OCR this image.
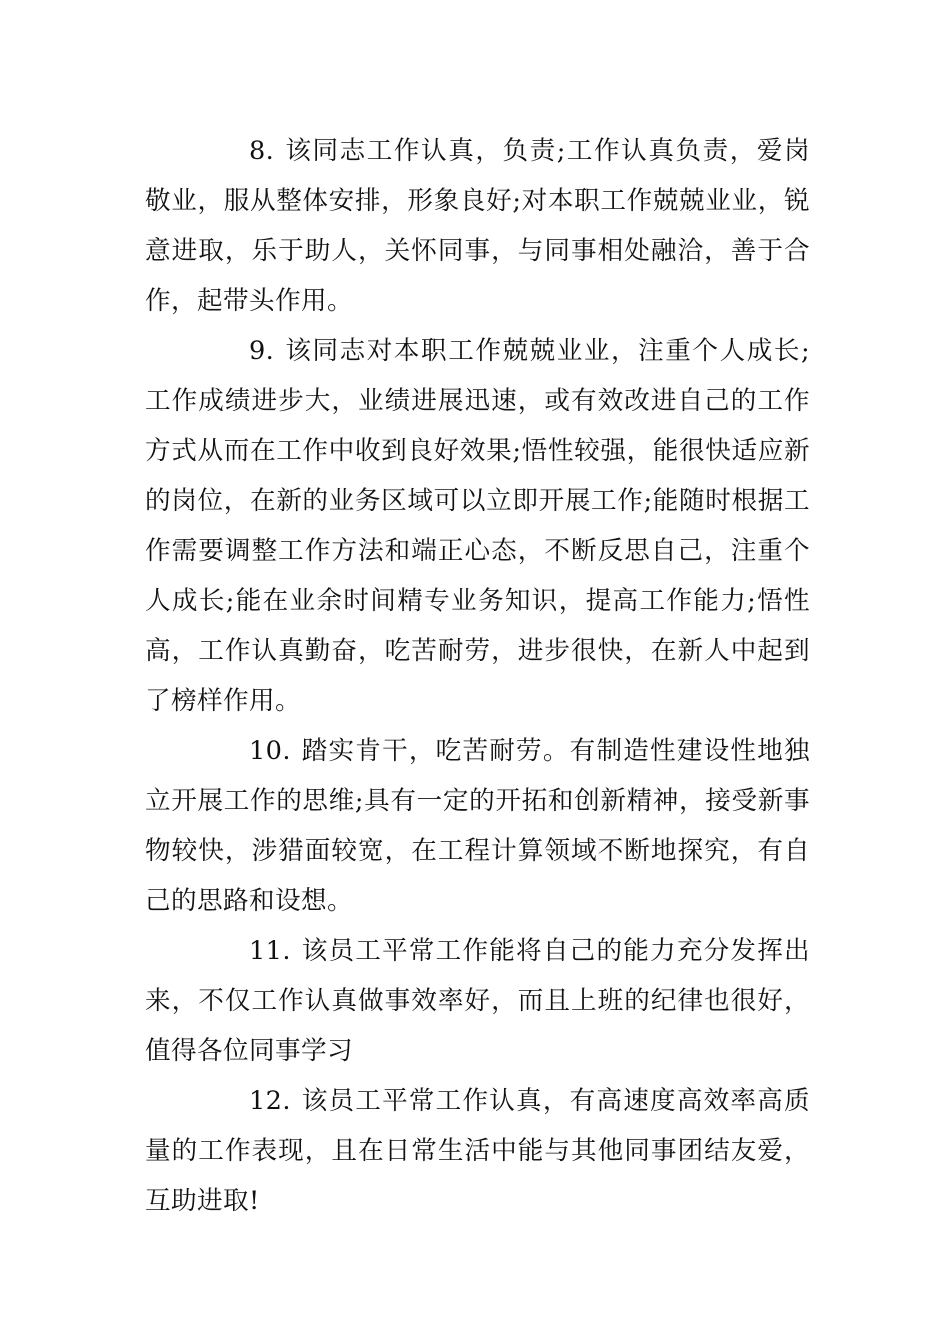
8. 该同志工作认真，负责;工作认真负责，爱岗敬业，服从整体安排，形象良好;对本职工作兢兢业业，锐意进取，乐于助人，关怀同事，与同事相处融洽，善于合作，起带头作用。

9. 该同志对本职工作兢兢业业，注重个人成长;工作成绩进步大，业绩进展迅速，或有效改进自己的工作方式从而在工作中收到良好效果;悟性较强，能很快适应新的岗位，在新的业务区域可以立即开展工作;能随时根据工作需要调整工作方法和端正心态，不断反思自己，注重个人成长;能在业余时间精专业务知识，提高工作能力;悟性高，工作认真勤奋，吃苦耐劳，进步很快，在新人中起到了榜样作用。

10. 踏实肯干，吃苦耐劳。有制造性建设性地独立开展工作的思维;具有一定的开拓和创新精神，接受新事物较快，涉猎面较宽，在工程计算领域不断地探究，有自己的思路和设想。

11. 该员工平常工作能将自己的能力充分发挥出来，不仅工作认真做事效率好，而且上班的纪律也很好，值得各位同事学习

12. 该员工平常工作认真，有高速度高效率高质量的工作表现，且在日常生活中能与其他同事团结友爱，互助进取!
